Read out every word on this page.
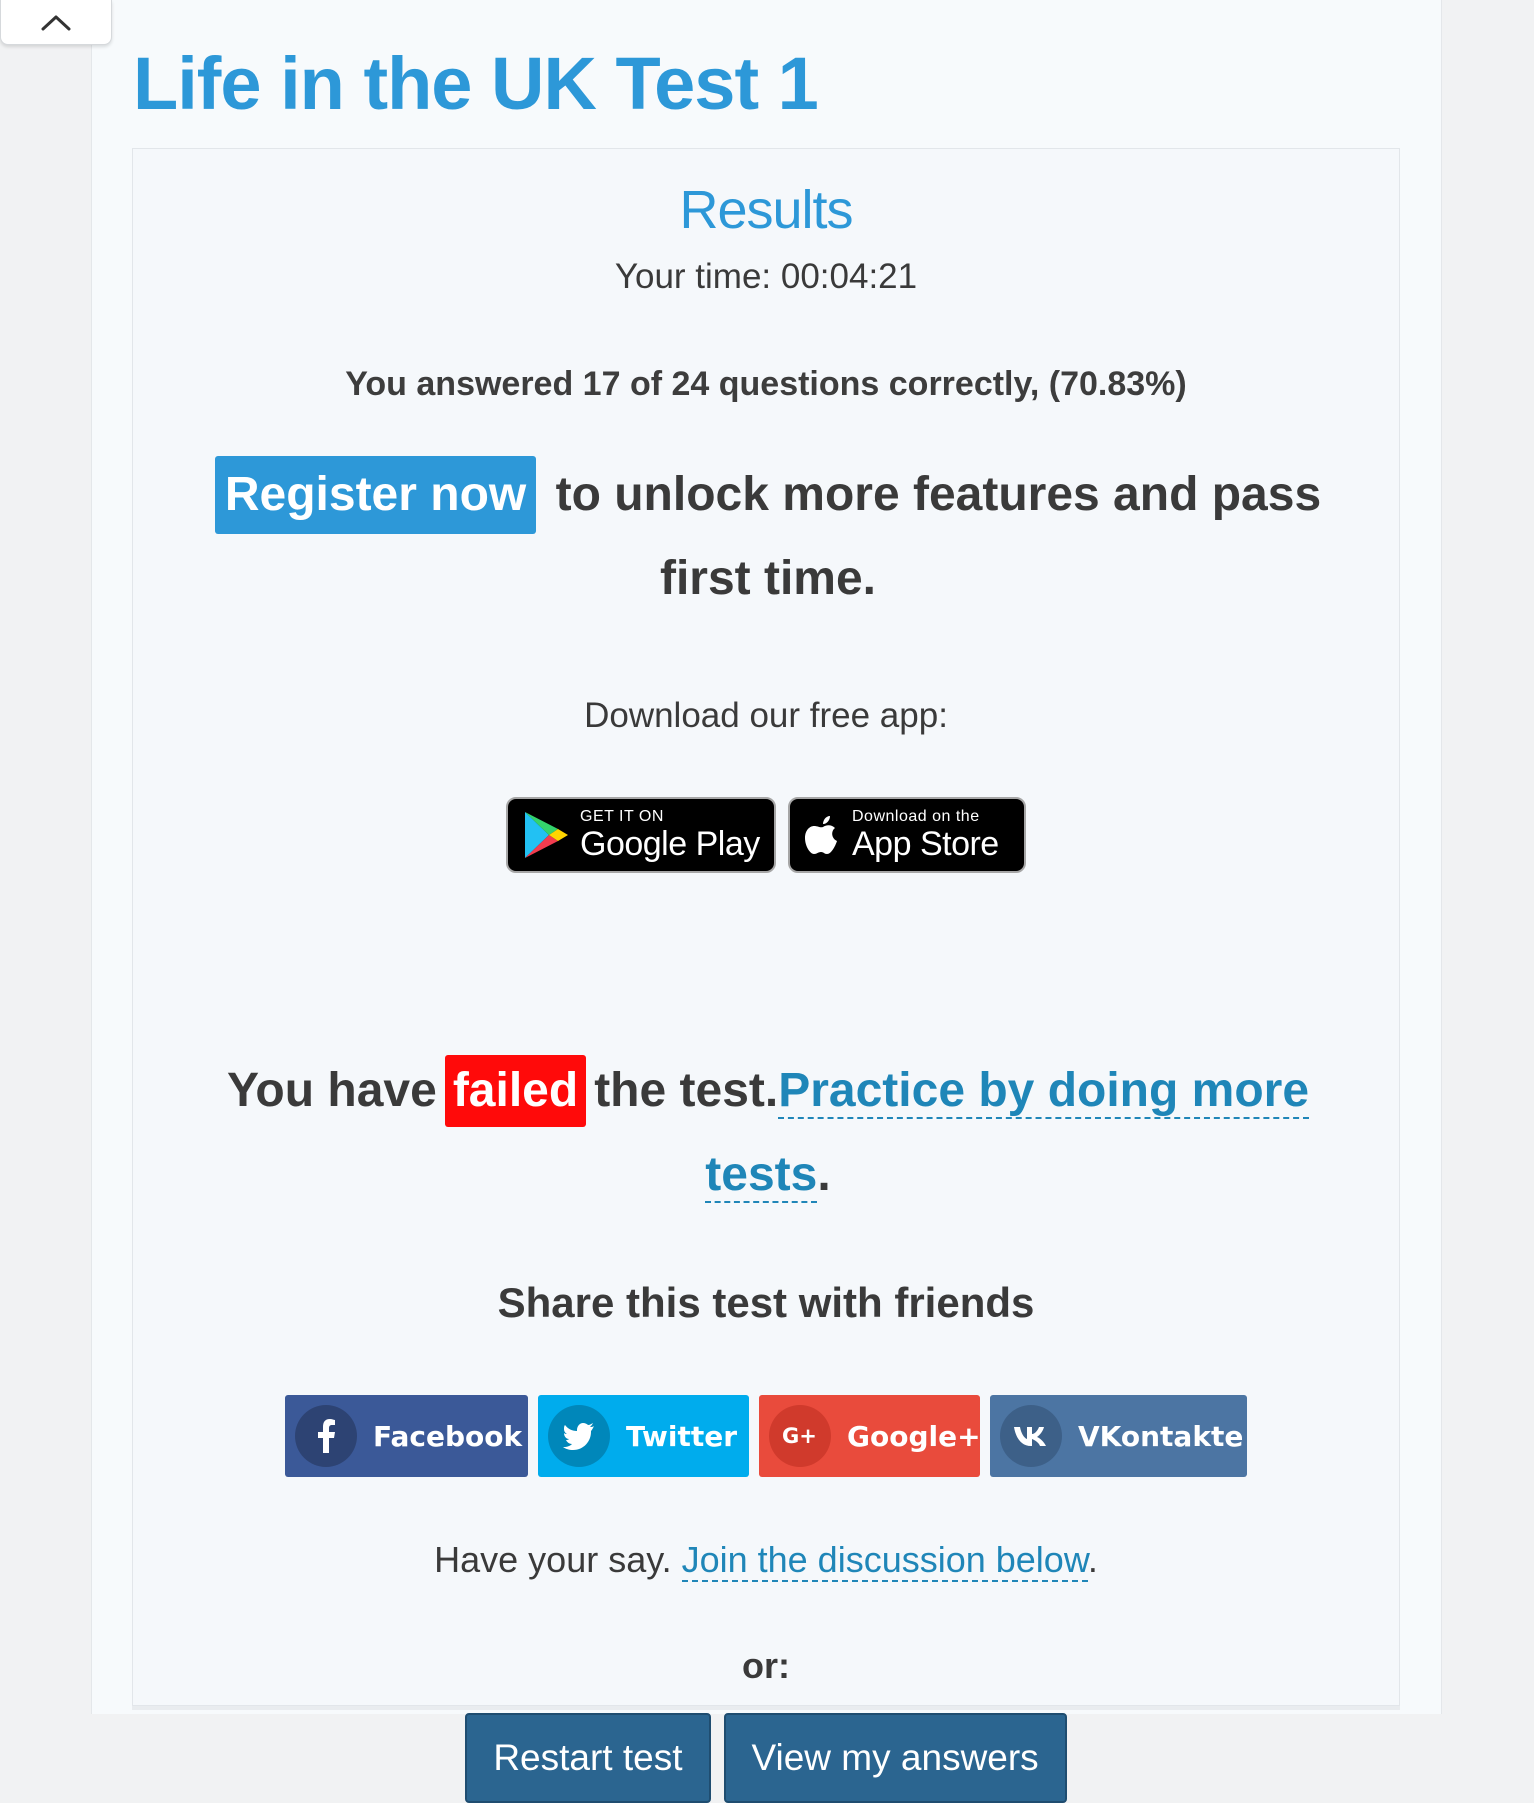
Life in the UK Test 1
Results
Your time: 00:04:21
You answered 17 of 24 questions correctly, (70.83%)
Register now to unlock more features and pass first time.
Download our free app:
GET IT ON
Google Play
Download on the
App Store
You have failed the test.Practice by doing more tests.
Share this test with friends
Facebook	Twitter G+ Google+	VKontakte
Have your say. Join the discussion below.
or:
Restart test	View my answers
